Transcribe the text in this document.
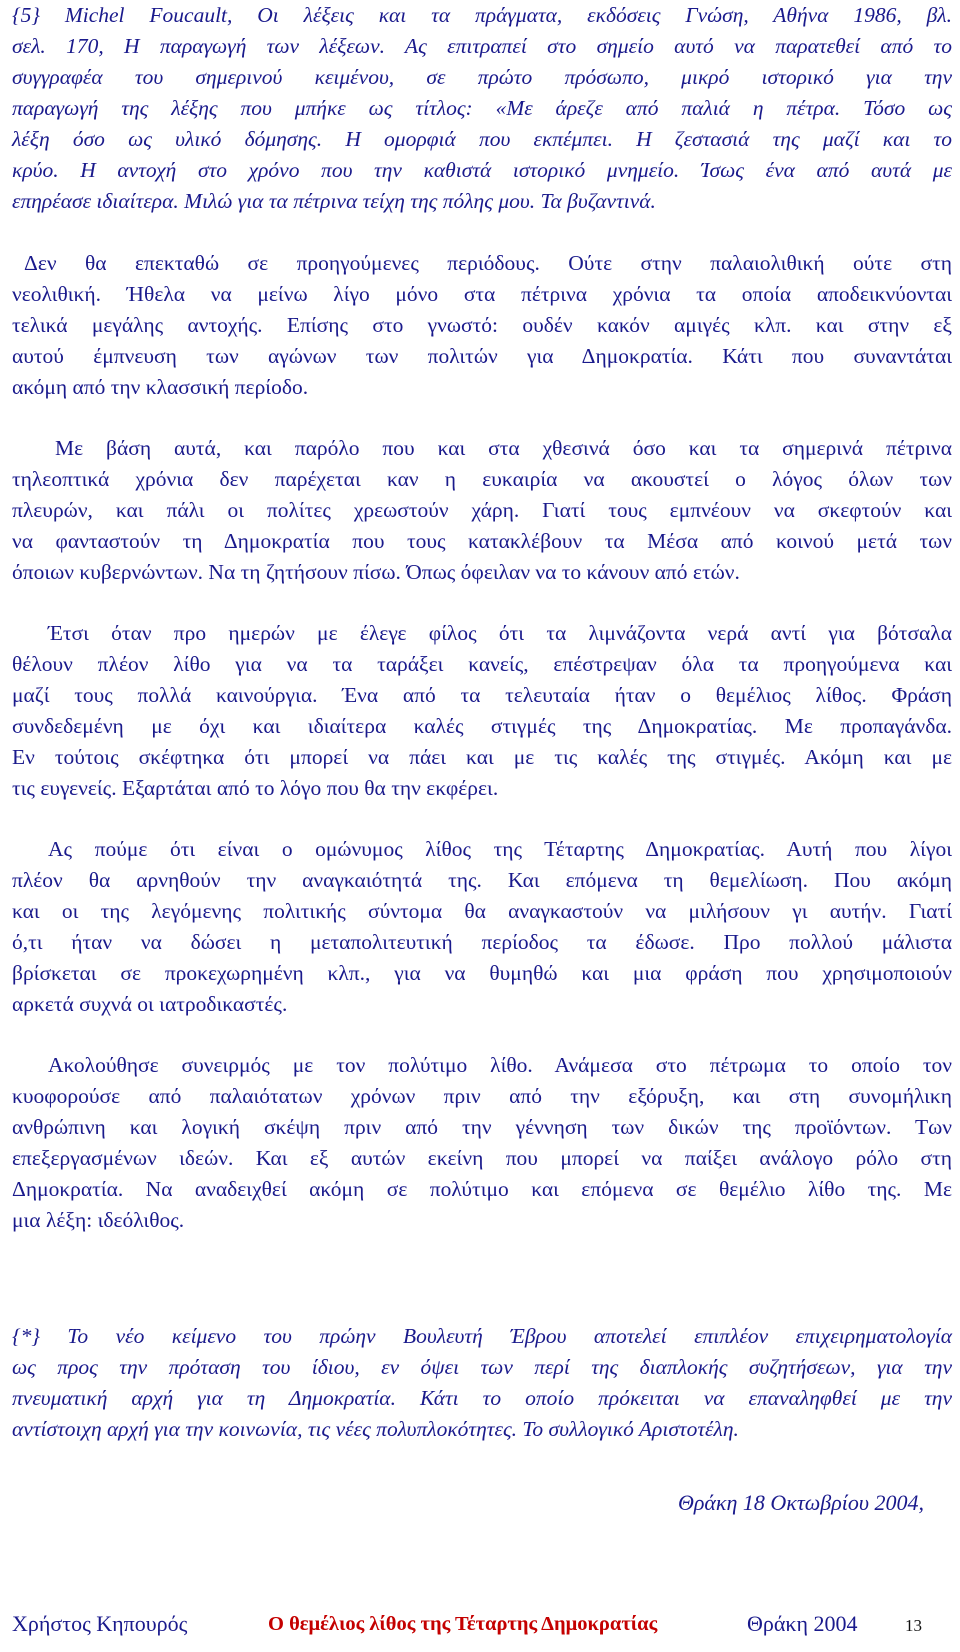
{5} Michel Foucault, Οι λέξεις και τα πράγματα, εκδόσεις Γνώση, Αθήνα 1986, βλ.
σελ. 170, Η παραγωγή των λέξεων. Ας επιτραπεί στο σημείο αυτό να παρατεθεί από το
συγγραφέα του σημερινού κειμένου, σε πρώτο πρόσωπο, μικρό ιστορικό για την
παραγωγή της λέξης που μπήκε ως τίτλος: «Με άρεζε από παλιά η πέτρα. Τόσο ως
λέξη όσο ως υλικό δόμησης. Η ομορφιά που εκπέμπει. Η ζεστασιά της μαζί και το
κρύο. Η αντοχή στο χρόνο που την καθιστά ιστορικό μνημείο. Ίσως ένα από αυτά με
επηρέασε ιδιαίτερα. Μιλώ για τα πέτρινα τείχη της πόλης μου. Τα βυζαντινά.
Δεν θα επεκταθώ σε προηγούμενες περιόδους. Ούτε στην παλαιολιθική ούτε στη
νεολιθική. Ήθελα να μείνω λίγο μόνο στα πέτρινα χρόνια τα οποία αποδεικνύονται
τελικά μεγάλης αντοχής. Επίσης στο γνωστό: ουδέν κακόν αμιγές κλπ. και στην εξ
αυτού έμπνευση των αγώνων των πολιτών για Δημοκρατία. Κάτι που συναντάται
ακόμη από την κλασσική περίοδο.
Με βάση αυτά, και παρόλο που και στα χθεσινά όσο και τα σημερινά πέτρινα
τηλεοπτικά χρόνια δεν παρέχεται καν η ευκαιρία να ακουστεί ο λόγος όλων των
πλευρών, και πάλι οι πολίτες χρεωστούν χάρη. Γιατί τους εμπνέουν να σκεφτούν και
να φανταστούν τη Δημοκρατία που τους κατακλέβουν τα Μέσα από κοινού μετά των
όποιων κυβερνώντων. Να τη ζητήσουν πίσω. Όπως όφειλαν να το κάνουν από ετών.
Έτσι όταν προ ημερών με έλεγε φίλος ότι τα λιμνάζοντα νερά αντί για βότσαλα
θέλουν πλέον λίθο για να τα ταράξει κανείς, επέστρεψαν όλα τα προηγούμενα και
μαζί τους πολλά καινούργια. Ένα από τα τελευταία ήταν ο θεμέλιος λίθος. Φράση
συνδεδεμένη με όχι και ιδιαίτερα καλές στιγμές της Δημοκρατίας. Με προπαγάνδα.
Εν τούτοις σκέφτηκα ότι μπορεί να πάει και με τις καλές της στιγμές. Ακόμη και με
τις ευγενείς. Εξαρτάται από το λόγο που θα την εκφέρει.
Ας πούμε ότι είναι ο ομώνυμος λίθος της Τέταρτης Δημοκρατίας. Αυτή που λίγοι
πλέον θα αρνηθούν την αναγκαιότητά της. Και επόμενα τη θεμελίωση. Που ακόμη
και οι της λεγόμενης πολιτικής σύντομα θα αναγκαστούν να μιλήσουν γι αυτήν. Γιατί
ό,τι ήταν να δώσει η μεταπολιτευτική περίοδος τα έδωσε. Προ πολλού μάλιστα
βρίσκεται σε προκεχωρημένη κλπ., για να θυμηθώ και μια φράση που χρησιμοποιούν
αρκετά συχνά οι ιατροδικαστές.
Ακολούθησε συνειρμός με τον πολύτιμο λίθο. Ανάμεσα στο πέτρωμα το οποίο τον
κυοφορούσε από παλαιότατων χρόνων πριν από την εξόρυξη, και στη συνομήλικη
ανθρώπινη και λογική σκέψη πριν από την γέννηση των δικών της προϊόντων. Των
επεξεργασμένων ιδεών. Και εξ αυτών εκείνη που μπορεί να παίξει ανάλογο ρόλο στη
Δημοκρατία. Να αναδειχθεί ακόμη σε πολύτιμο και επόμενα σε θεμέλιο λίθο της. Με
μια λέξη: ιδεόλιθος.
{*} Το νέο κείμενο του πρώην Βουλευτή Έβρου αποτελεί επιπλέον επιχειρηματολογία
ως προς την πρόταση του ίδιου, εν όψει των περί της διαπλοκής συζητήσεων, για την
πνευματική αρχή για τη Δημοκρατία. Κάτι το οποίο πρόκειται να επαναληφθεί με την
αντίστοιχη αρχή για την κοινωνία, τις νέες πολυπλοκότητες. Το συλλογικό Αριστοτέλη.
Θράκη 18 Οκτωβρίου 2004,
Χρήστος Κηπουρός	Ο θεμέλιος λίθος της Τέταρτης Δημοκρατίας	Θράκη 2004	13
